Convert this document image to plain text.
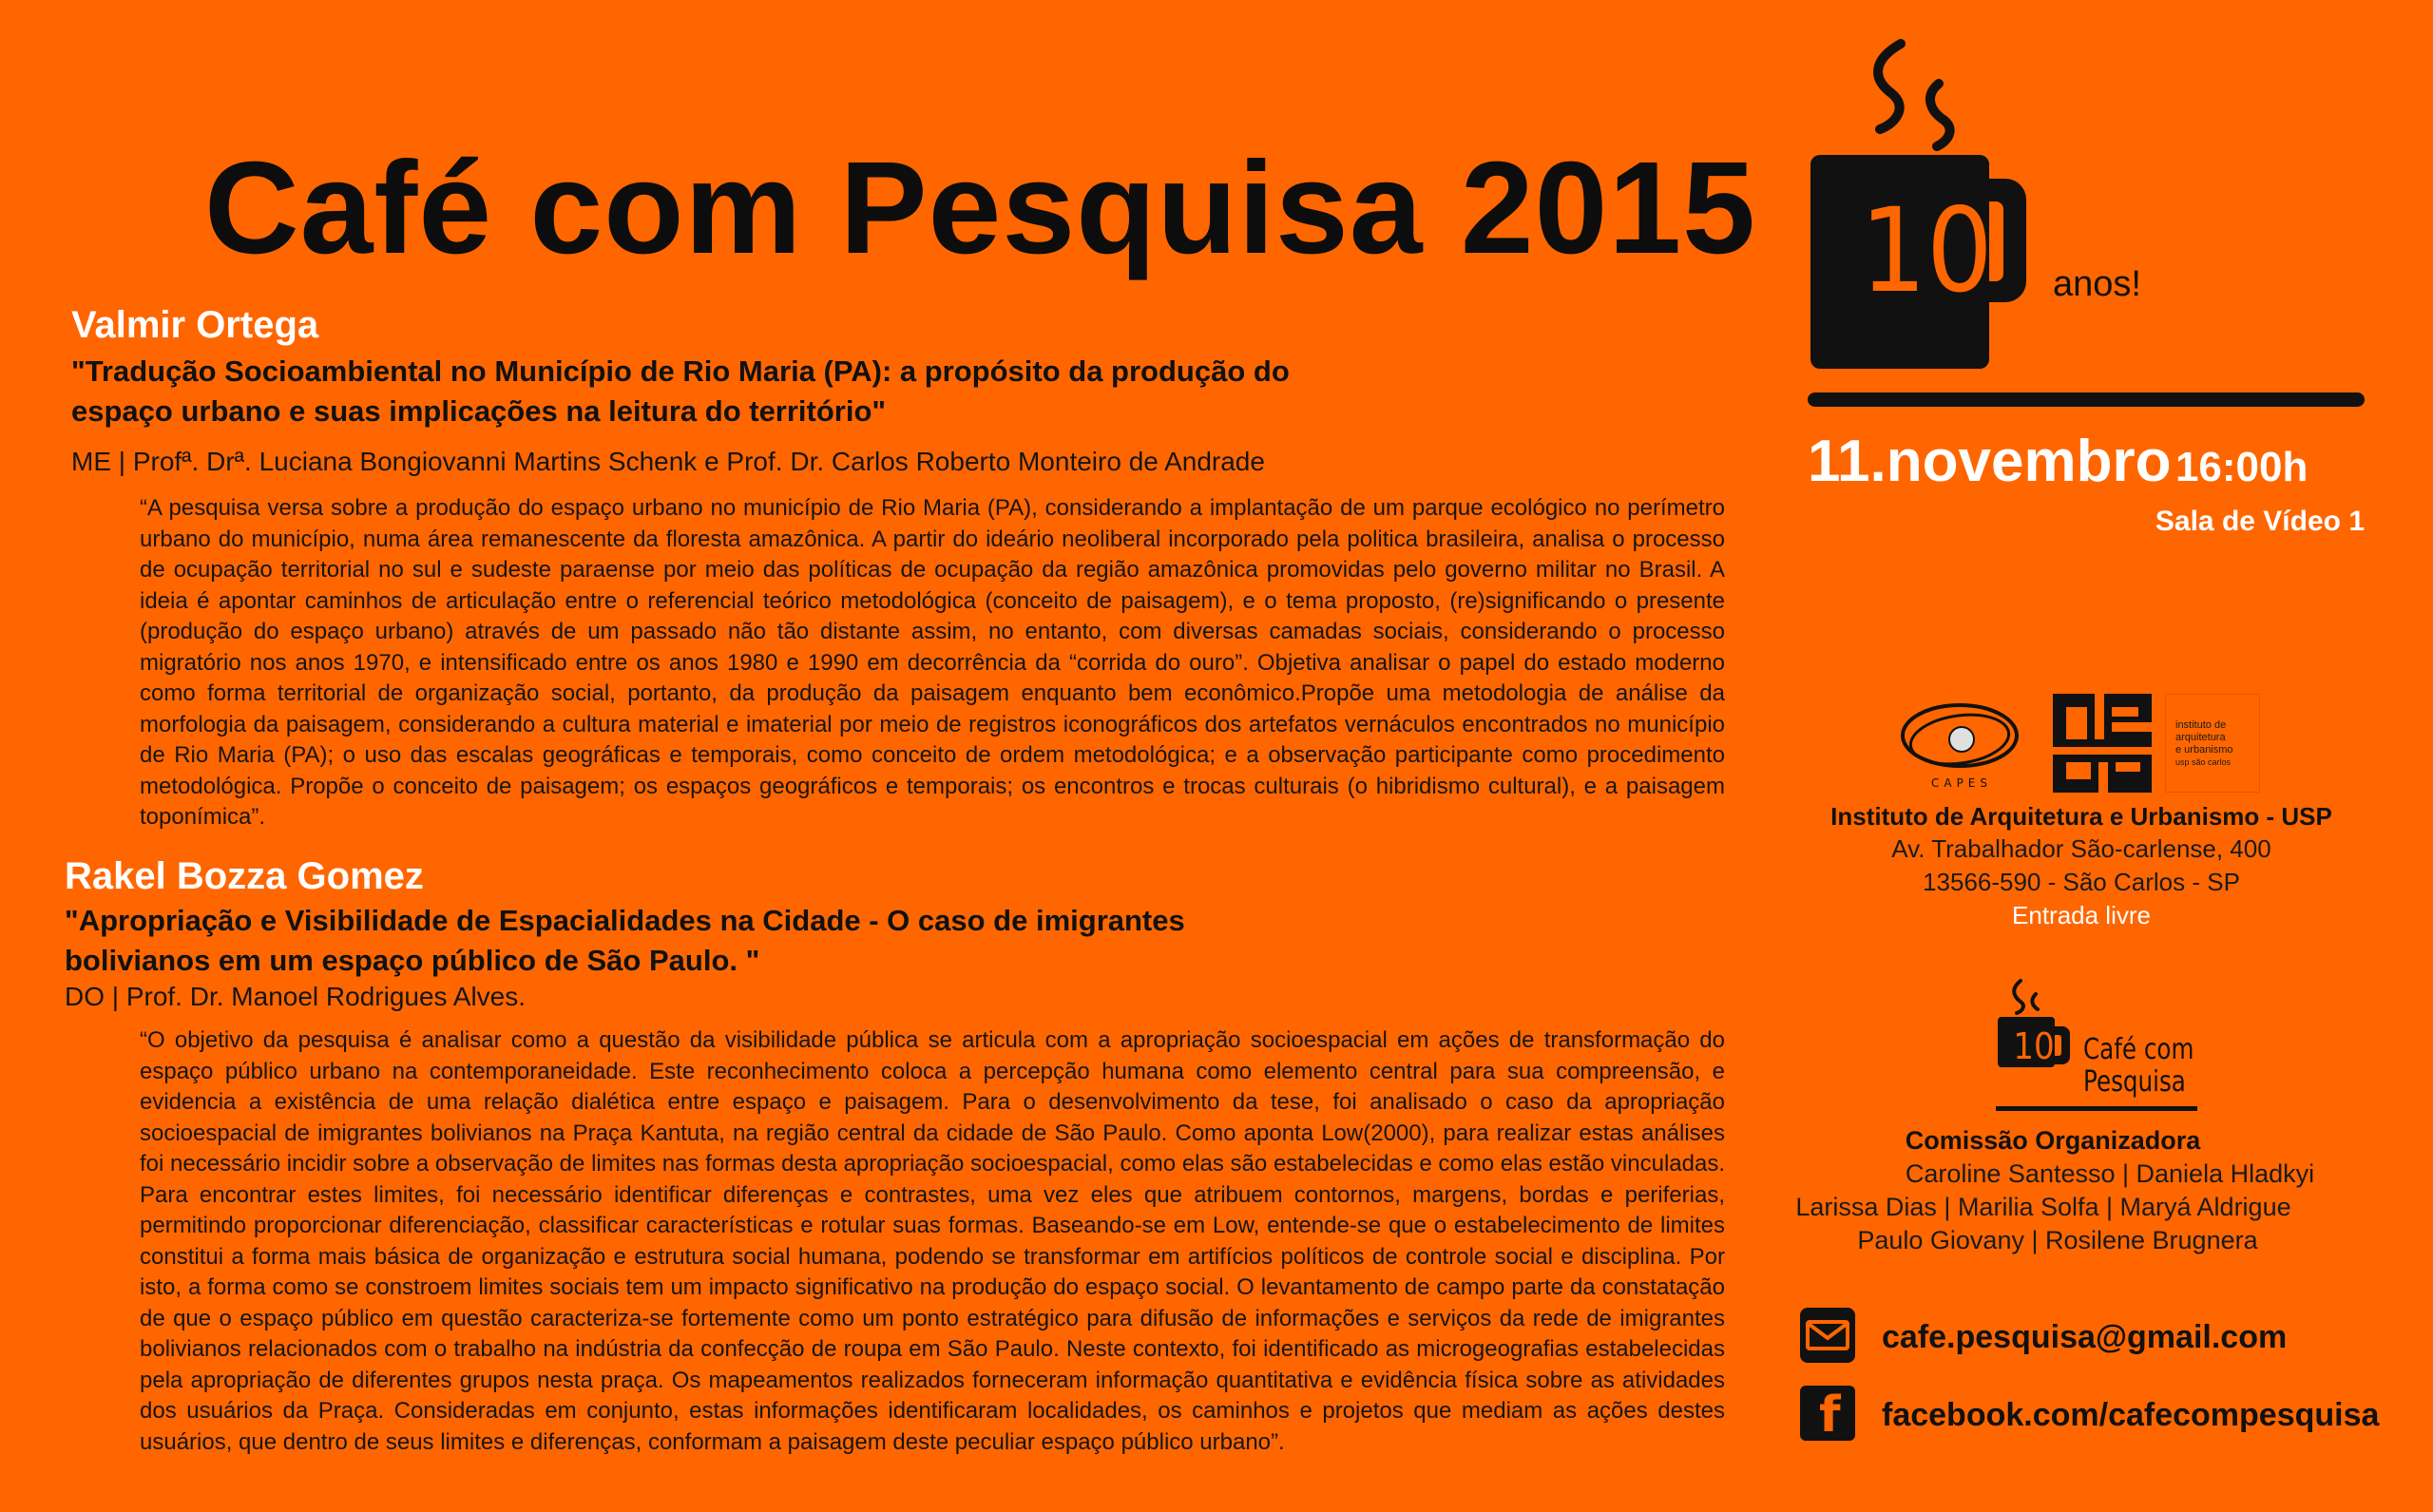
Café com Pesquisa 2015
Valmir Ortega
"Tradução Socioambiental no Município de Rio Maria (PA): a propósito da produção do
espaço urbano e suas implicações na leitura do território"
ME | Profª. Drª. Luciana Bongiovanni Martins Schenk e Prof. Dr. Carlos Roberto Monteiro de Andrade
“A pesquisa versa sobre a produção do espaço urbano no município de Rio Maria (PA), considerando a implantação de um parque ecológico no perímetro urbano do município, numa área remanescente da floresta amazônica. A partir do ideário neoliberal incorporado pela politica brasileira, analisa o processo de ocupação territorial no sul e sudeste paraense por meio das políticas de ocupação da região amazônica promovidas pelo governo militar no Brasil. A ideia é apontar caminhos de articulação entre o referencial teórico metodológica (conceito de paisagem), e o tema proposto, (re)significando o presente (produção do espaço urbano) através de um passado não tão distante assim, no entanto, com diversas camadas sociais, considerando o processo migratório nos anos 1970, e intensificado entre os anos 1980 e 1990 em decorrência da “corrida do ouro”. Objetiva analisar o papel do estado moderno como forma territorial de organização social, portanto, da produção da paisagem enquanto bem econômico.Propõe uma metodologia de análise da morfologia da paisagem, considerando a cultura material e imaterial por meio de registros iconográficos dos artefatos vernáculos encontrados no município de Rio Maria (PA); o uso das escalas geográficas e temporais, como conceito de ordem metodológica; e a observação participante como procedimento metodológica. Propõe o conceito de paisagem; os espaços geográficos e temporais; os encontros e trocas culturais (o hibridismo cultural), e a paisagem toponímica”.
Rakel Bozza Gomez
"Apropriação e Visibilidade de Espacialidades na Cidade - O caso de imigrantes
bolivianos em um espaço público de São Paulo. "
DO | Prof. Dr. Manoel Rodrigues Alves.
“O objetivo da pesquisa é analisar como a questão da visibilidade pública se articula com a apropriação socioespacial em ações de transformação do espaço público urbano na contemporaneidade. Este reconhecimento coloca a percepção humana como elemento central para sua compreensão, e evidencia a existência de uma relação dialética entre espaço e paisagem. Para o desenvolvimento da tese, foi analisado o caso da apropriação socioespacial de imigrantes bolivianos na Praça Kantuta, na região central da cidade de São Paulo. Como aponta Low(2000), para realizar estas análises foi necessário incidir sobre a observação de limites nas formas desta apropriação socioespacial, como elas são estabelecidas e como elas estão vinculadas. Para encontrar estes limites, foi necessário identificar diferenças e contrastes, uma vez eles que atribuem contornos, margens, bordas e periferias, permitindo proporcionar diferenciação, classificar características e rotular suas formas. Baseando-se em Low, entende-se que o estabelecimento de limites constitui a forma mais básica de organização e estrutura social humana, podendo se transformar em artifícios políticos de controle social e disciplina. Por isto, a forma como se constroem limites sociais tem um impacto significativo na produção do espaço social. O levantamento de campo parte da constatação de que o espaço público em questão caracteriza-se fortemente como um ponto estratégico para difusão de informações e serviços da rede de imigrantes bolivianos relacionados com o trabalho na indústria da confecção de roupa em São Paulo. Neste contexto, foi identificado as microgeografias estabelecidas pela apropriação de diferentes grupos nesta praça. Os mapeamentos realizados forneceram informação quantitativa e evidência física sobre as atividades dos usuários da Praça. Consideradas em conjunto, estas informações identificaram localidades, os caminhos e projetos que mediam as ações destes usuários, que dentro de seus limites e diferenças, conformam a paisagem deste peculiar espaço público urbano”.
10 anos!
11.novembro 16:00h
Sala de Vídeo 1
CAPES
instituto de
arquitetura
e urbanismo
usp são carlos
Instituto de Arquitetura e Urbanismo - USP
Av. Trabalhador São-carlense, 400
13566-590 - São Carlos - SP
Entrada livre
10 Café com
Pesquisa
Comissão Organizadora
Caroline Santesso | Daniela Hladkyi
Larissa Dias | Marilia Solfa | Maryá Aldrigue
Paulo Giovany | Rosilene Brugnera
cafe.pesquisa@gmail.com
f facebook.com/cafecompesquisa
